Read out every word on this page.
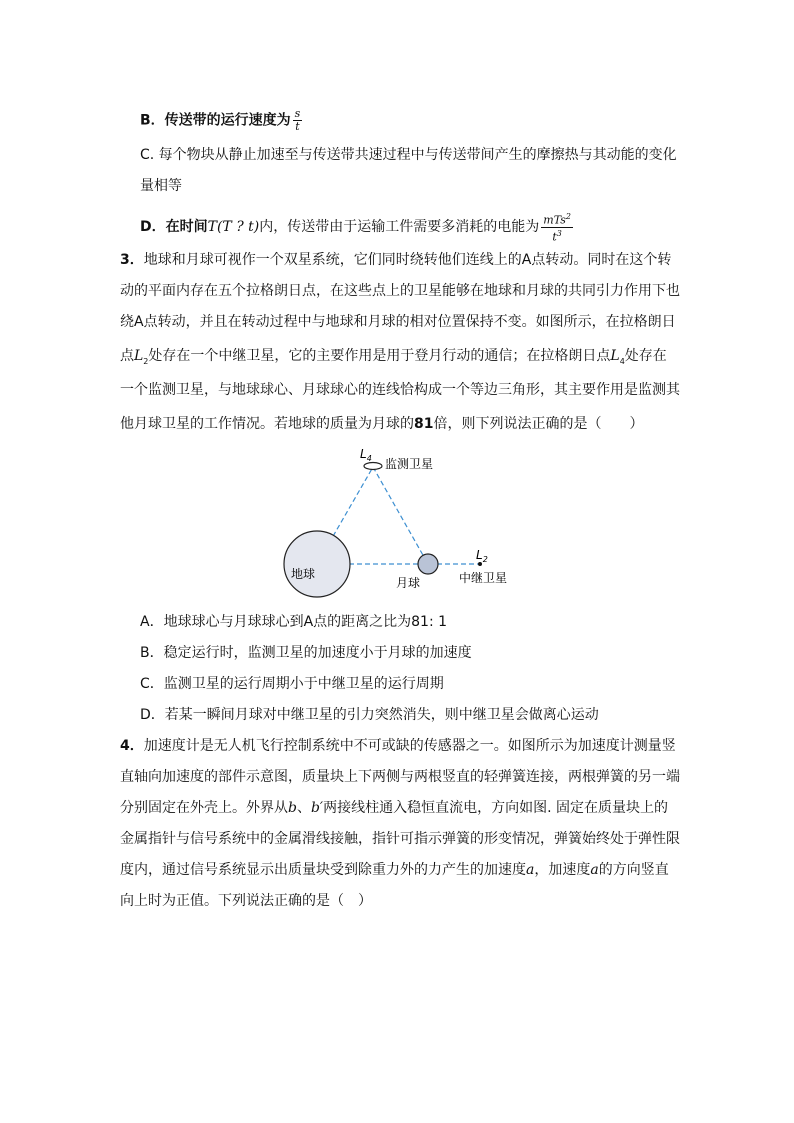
B．传送带的运行速度为 $\frac{s}{t}$
C. 每个物块从静止加速至与传送带共速过程中与传送带间产生的摩擦热与其动能的变化
量相等
D．在时间T(T ? t)内，传送带由于运输工件需要多消耗的电能为 $\frac{mTs^2}{t^3}$
3．地球和月球可视作一个双星系统，它们同时绕转他们连线上的A点转动。同时在这个转
动的平面内存在五个拉格朗日点，在这些点上的卫星能够在地球和月球的共同引力作用下也
绕A点转动，并且在转动过程中与地球和月球的相对位置保持不变。如图所示，在拉格朗日
点$L_2$处存在一个中继卫星，它的主要作用是用于登月行动的通信；在拉格朗日点$L_4$处存在
一个监测卫星，与地球球心、月球球心的连线恰构成一个等边三角形，其主要作用是监测其
他月球卫星的工作情况。若地球的质量为月球的81倍，则下列说法正确的是（　　）
$L_4$ 监测卫星
地球
月球
$L_2$
中继卫星
A．地球球心与月球球心到A点的距离之比为81: 1
B．稳定运行时，监测卫星的加速度小于月球的加速度
C．监测卫星的运行周期小于中继卫星的运行周期
D．若某一瞬间月球对中继卫星的引力突然消失，则中继卫星会做离心运动
4．加速度计是无人机飞行控制系统中不可或缺的传感器之一。如图所示为加速度计测量竖
直轴向加速度的部件示意图，质量块上下两侧与两根竖直的轻弹簧连接，两根弹簧的另一端
分别固定在外壳上。外界从b、b′两接线柱通入稳恒直流电，方向如图. 固定在质量块上的
金属指针与信号系统中的金属滑线接触，指针可指示弹簧的形变情况，弹簧始终处于弹性限
度内，通过信号系统显示出质量块受到除重力外的力产生的加速度a，加速度a的方向竖直
向上时为正值。下列说法正确的是（　）
